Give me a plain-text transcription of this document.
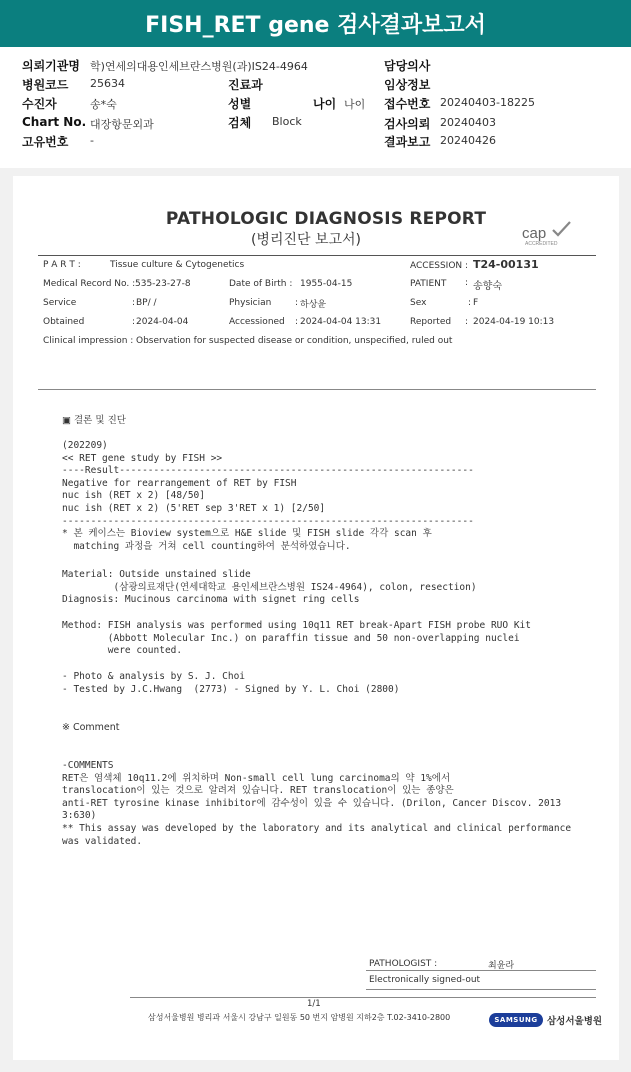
FISH_RET gene 검사결과보고서
의뢰기관명 학)연세의대용인세브란스병원(과)IS24-4964	담당의사
병원코드 25634	진료과	임상정보
수진자	송*숙	성별	나이 나이 접수번호 20240403-18225
Chart No. 대장항문외과	검체 Block	검사의뢰 20240403
고유번호 -	결과보고 20240426
PATHOLOGIC DIAGNOSIS REPORT
(병리진단 보고서)	cap
ACCREDITED
P A R T :	Tissue culture & Cytogenetics	ACCESSION : T24-00131
Medical Record No. : 535-23-27-8	Date of Birth : 1955-04-15	PATIENT : 송향숙
Service	: BP/ /	Physician	: 하상윤	Sex	: F
Obtained	: 2024-04-04	Accessioned : 2024-04-04 13:31	Reported : 2024-04-19 10:13
Clinical impression : Observation for suspected disease or condition, unspecified, ruled out
▣ 결론 및 진단
(202209)
<< RET gene study by FISH >>
----Result--------------------------------------------------------------
Negative for rearrangement of RET by FISH
nuc ish (RET x 2) [48/50]
nuc ish (RET x 2) (5'RET sep 3'RET x 1) [2/50]
------------------------------------------------------------------------
* 본 케이스는 Bioview system으로 H&E slide 및 FISH slide 각각 scan 후
matching 과정을 거쳐 cell counting하여 분석하였습니다.
Material: Outside unstained slide
(삼광의료재단(연세대학교 용인세브란스병원 IS24-4964), colon, resection)
Diagnosis: Mucinous carcinoma with signet ring cells
Method: FISH analysis was performed using 10q11 RET break-Apart FISH probe RUO Kit
(Abbott Molecular Inc.) on paraffin tissue and 50 non-overlapping nuclei
were counted.
- Photo & analysis by S. J. Choi
- Tested by J.C.Hwang  (2773) - Signed by Y. L. Choi (2800)
※ Comment
-COMMENTS
RET은 염색체 10q11.2에 위치하며 Non-small cell lung carcinoma의 약 1%에서
translocation이 있는 것으로 알려져 있습니다. RET translocation이 있는 종양은
anti-RET tyrosine kinase inhibitor에 감수성이 있을 수 있습니다. (Drilon, Cancer Discov. 2013
3:630)
** This assay was developed by the laboratory and its analytical and clinical performance
was validated.
PATHOLOGIST :	최윤라
Electronically signed-out
1/1
삼성서울병원 병리과 서울시 강남구 일원동 50 번지 암병원 지하2층 T.02-3410-2800	SAMSUNG 삼성서울병원
